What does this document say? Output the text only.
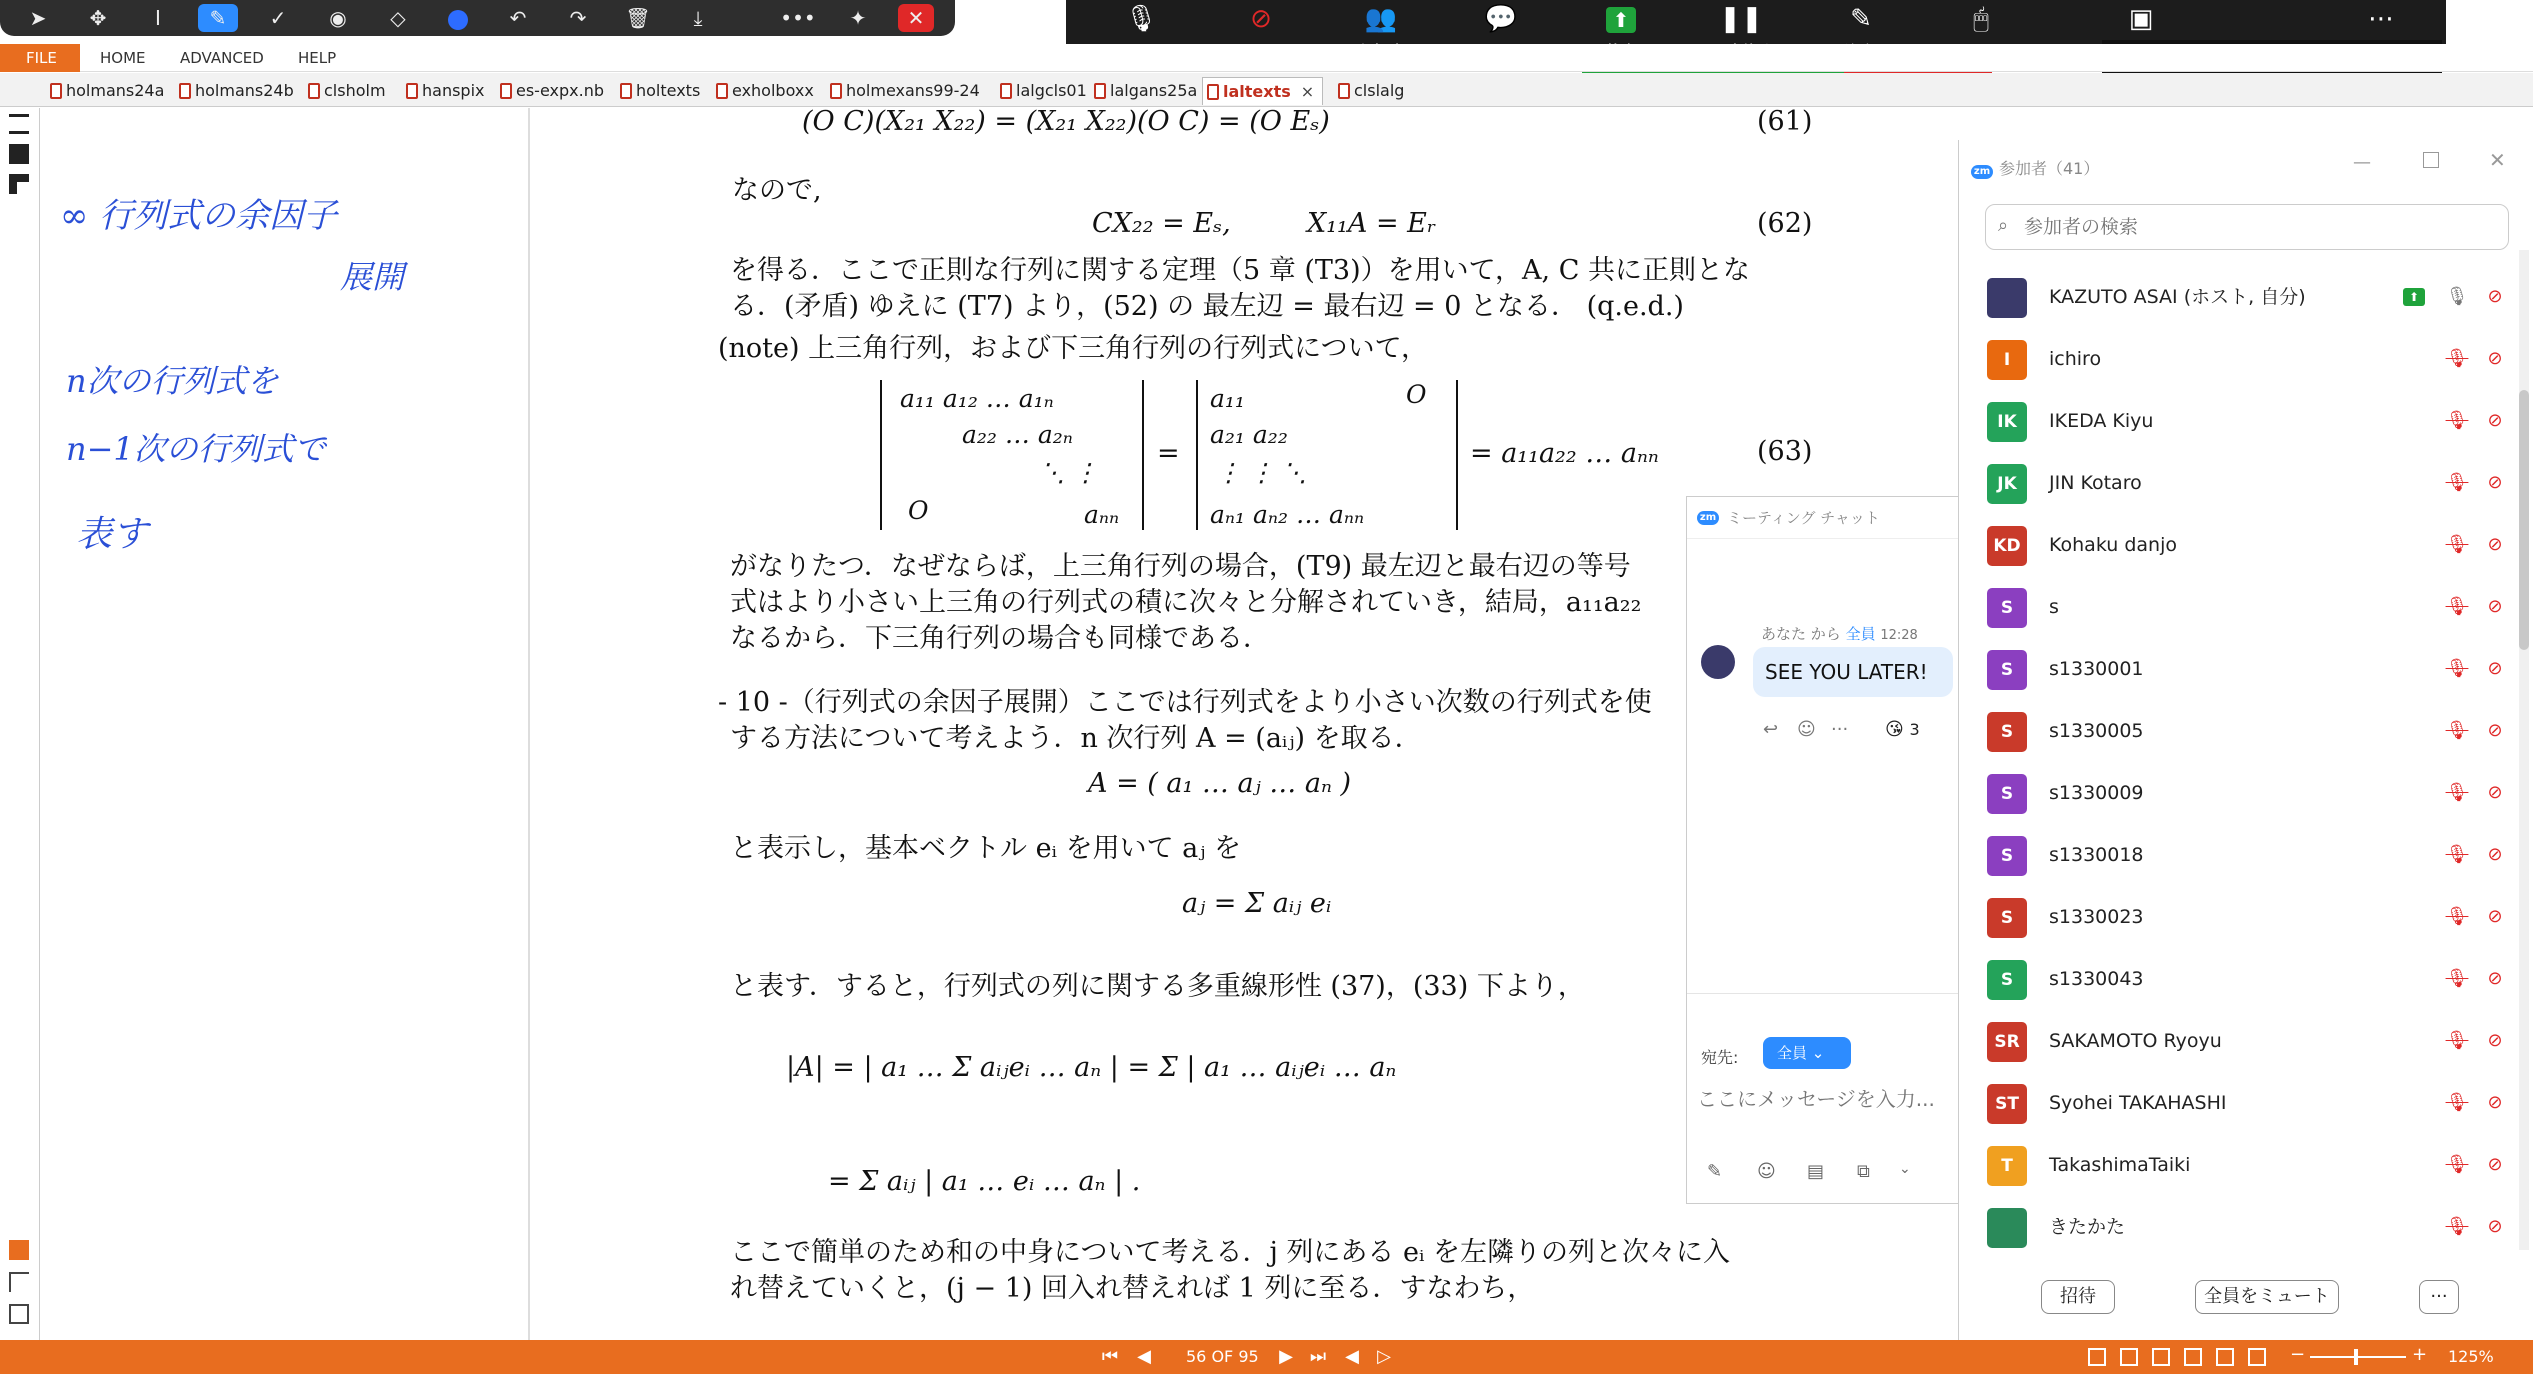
➤	✥	I	✎	✓	◉	◇	↶	↷	🗑	⤓	•••	✦	✕	🎙	⊘	👥	💬	⬆	❚❚	✎	🖱	▣	⋯
FILE	HOME ADVANCED HELP
holmans24a	holmans24b	clsholm	hanspix	es-expx.nb	holtexts	exholboxx	holmexans99-24	lalgcls01	lalgans25a	laltexts ×	clslalg
∞ 行列式の余因子
展開
n次の行列式を
n−1次の行列式で
表す
(O C)(X₂₁ X₂₂) = (X₂₁ X₂₂)(O C) = (O Eₛ)	(61)
なので,
CX₂₂ = Eₛ,	X₁₁A = Eᵣ	(62)
を得る．ここで正則な行列に関する定理（5 章 (T3)）を用いて，A, C 共に正則とな
る．(矛盾) ゆえに (T7) より，(52) の 最左辺 = 最右辺 = 0 となる． (q.e.d.)
(note) 上三角行列，および下三角行列の行列式について，
a₁₁ a₁₂ … a₁ₙ
a₂₂ … a₂ₙ
⋱ ⋮
O	aₙₙ
=
a₁₁	O
a₂₁ a₂₂
⋮ ⋮ ⋱
aₙ₁ aₙ₂ … aₙₙ
= a₁₁a₂₂ … aₙₙ	(63)
がなりたつ．なぜならば，上三角行列の場合，(T9) 最左辺と最右辺の等号
式はより小さい上三角の行列式の積に次々と分解されていき，結局，a₁₁a₂₂
なるから．下三角行列の場合も同様である．
- 10 -（行列式の余因子展開）ここでは行列式をより小さい次数の行列式を使
する方法について考えよう．n 次行列 A = (aᵢⱼ) を取る．
A = ( a₁ … aⱼ … aₙ )
と表示し，基本ベクトル eᵢ を用いて aⱼ を
aⱼ = Σ aᵢⱼ eᵢ
と表す．すると，行列式の列に関する多重線形性 (37)，(33) 下より，
|A| = | a₁ … Σ aᵢⱼeᵢ … aₙ | = Σ | a₁ … aᵢⱼeᵢ … aₙ
= Σ aᵢⱼ | a₁ … eᵢ … aₙ | .
ここで簡単のため和の中身について考える．j 列にある eᵢ を左隣りの列と次々に入
れ替えていくと，(j − 1) 回入れ替えれば 1 列に至る．すなわち，
zm ミーティング チャット
あなた から 全員 12:28
SEE YOU LATER!
↩ ☺ ··· 😘 3
宛先:	全員 ⌄
ここにメッセージを入力...
✎ ☺ ▤ ⧉ ⌄
zm 参加者（41）	—	✕
⌕
参加者の検索
KAZUTO ASAI (ホスト, 自分)	⬆	🎙 ⊘
I	ichiro	🎙 ⊘
IK	IKEDA Kiyu	🎙 ⊘
JK	JIN Kotaro	🎙 ⊘
KD	Kohaku danjo	🎙 ⊘
S	s	🎙 ⊘
S	s1330001	🎙 ⊘
S	s1330005	🎙 ⊘
S	s1330009	🎙 ⊘
S	s1330018	🎙 ⊘
S	s1330023	🎙 ⊘
S	s1330043	🎙 ⊘
SR	SAKAMOTO Ryoyu	🎙 ⊘
ST	Syohei TAKAHASHI	🎙 ⊘
T	TakashimaTaiki	🎙 ⊘
きたかた	🎙 ⊘
招待	全員をミュート	···
⏮ ◀ 56 OF 95 ▶ ⏭ ◀ ▷	−	+ 125%
